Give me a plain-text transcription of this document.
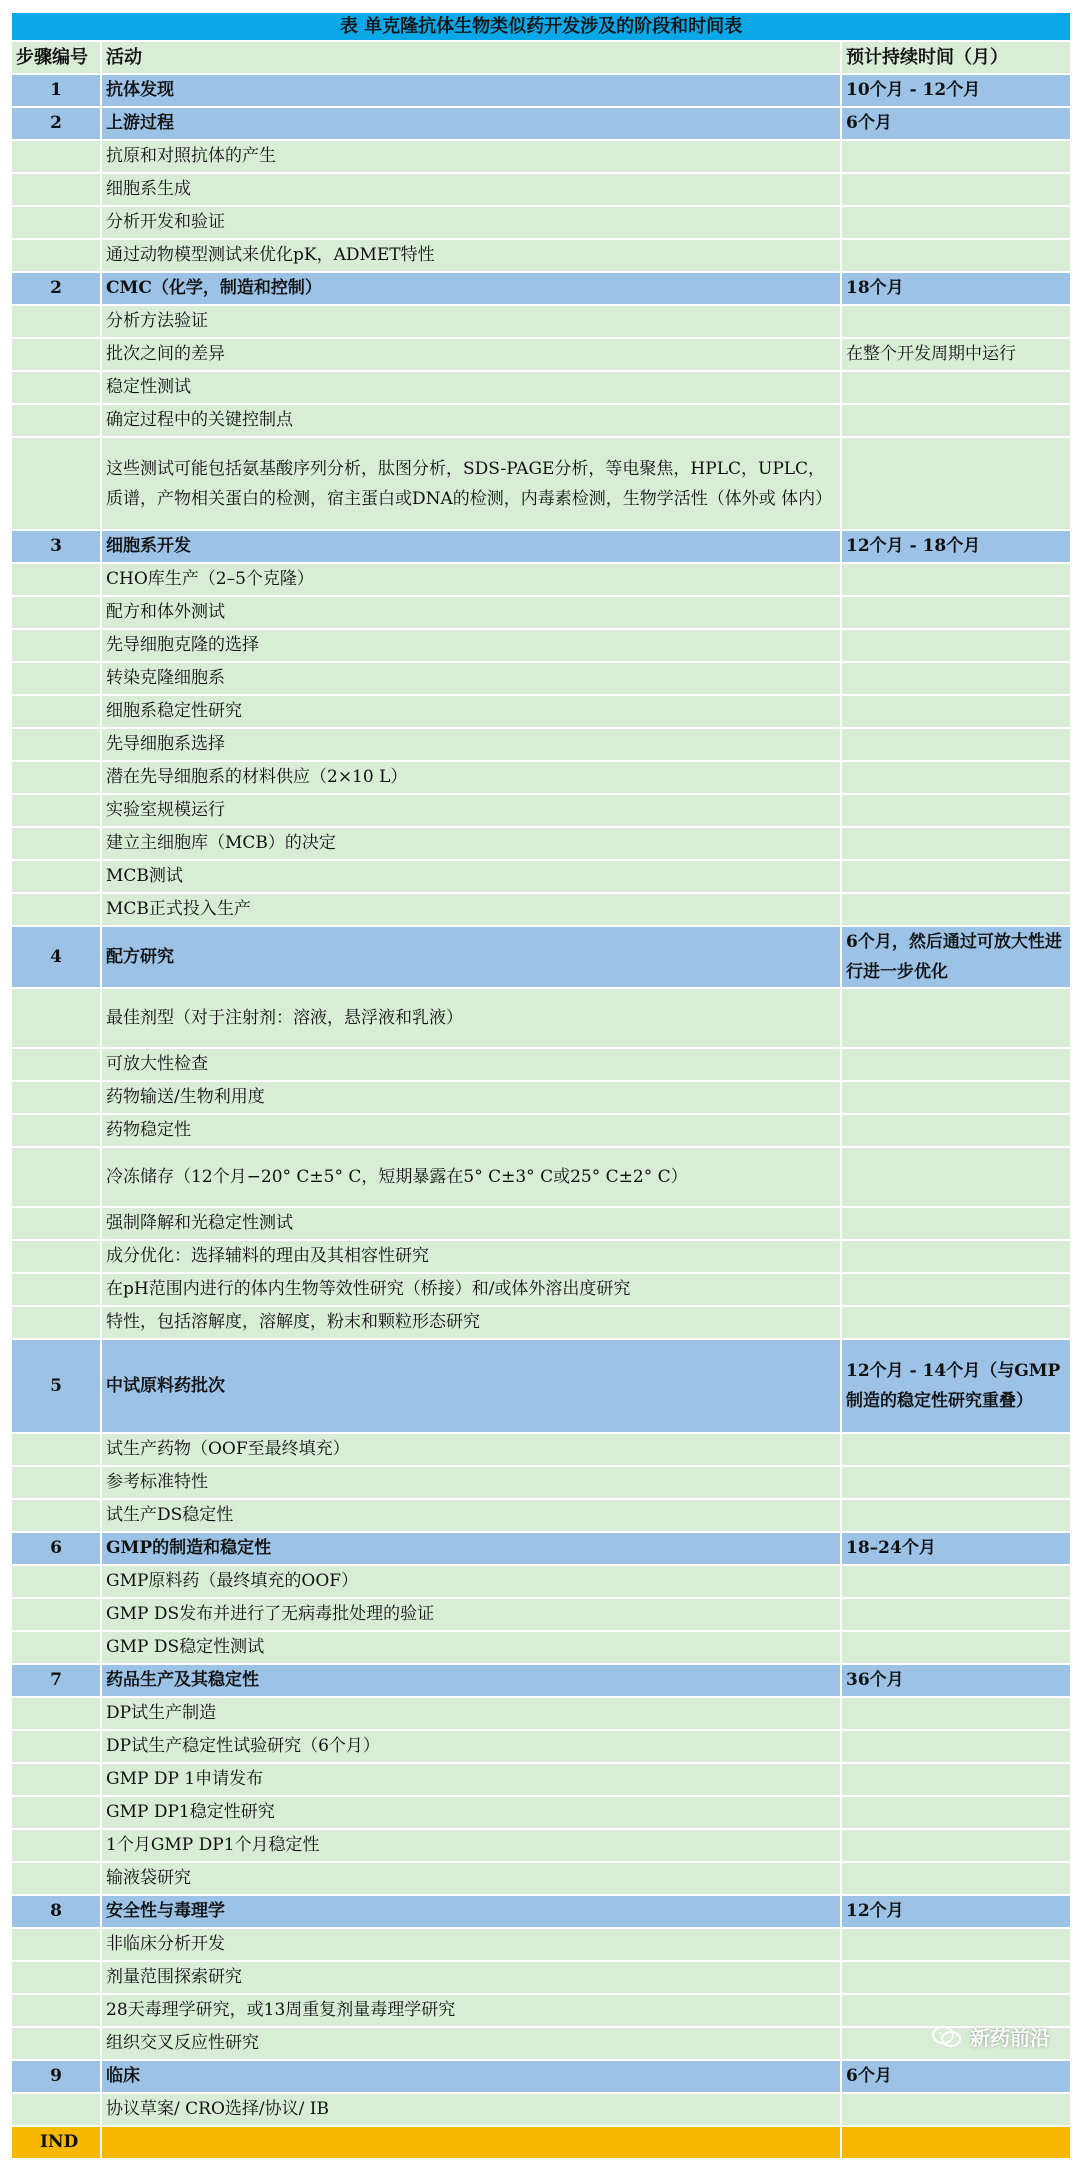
表 单克隆抗体生物类似药开发涉及的阶段和时间表		
步骤编号	活动	预计持续时间（月）
1	抗体发现	10个月 - 12个月
2	上游过程	6个月
	抗原和对照抗体的产生	
	细胞系生成	
	分析开发和验证	
	通过动物模型测试来优化pK，ADMET特性	
2	CMC（化学，制造和控制）	18个月
	分析方法验证	
	批次之间的差异	在整个开发周期中运行
	稳定性测试	
	确定过程中的关键控制点	
	这些测试可能包括氨基酸序列分析，肽图分析，SDS-PAGE分析，等电聚焦，HPLC，UPLC，质谱，产物相关蛋白的检测，宿主蛋白或DNA的检测，内毒素检测，生物学活性（体外或 体内）	
3	细胞系开发	12个月 - 18个月
	CHO库生产（2–5个克隆）	
	配方和体外测试	
	先导细胞克隆的选择	
	转染克隆细胞系	
	细胞系稳定性研究	
	先导细胞系选择	
	潜在先导细胞系的材料供应（2×10 L）	
	实验室规模运行	
	建立主细胞库（MCB）的决定	
	MCB测试	
	MCB正式投入生产	
4	配方研究	6个月，然后通过可放大性进行进一步优化
	最佳剂型（对于注射剂：溶液，悬浮液和乳液）	
	可放大性检查	
	药物输送/生物利用度	
	药物稳定性	
	冷冻储存（12个月−20° C±5° C，短期暴露在5° C±3° C或25° C±2° C）	
	强制降解和光稳定性测试	
	成分优化：选择辅料的理由及其相容性研究	
	在pH范围内进行的体内生物等效性研究（桥接）和/或体外溶出度研究	
	特性，包括溶解度，溶解度，粉末和颗粒形态研究	
5	中试原料药批次	12个月 - 14个月（与GMP制造的稳定性研究重叠）
	试生产药物（OOF至最终填充）	
	参考标准特性	
	试生产DS稳定性	
6	GMP的制造和稳定性	18–24个月
	GMP原料药（最终填充的OOF）	
	GMP DS发布并进行了无病毒批处理的验证	
	GMP DS稳定性测试	
7	药品生产及其稳定性	36个月
	DP试生产制造	
	DP试生产稳定性试验研究（6个月）	
	GMP DP 1申请发布	
	GMP DP1稳定性研究	
	1个月GMP DP1个月稳定性	
	输液袋研究	
8	安全性与毒理学	12个月
	非临床分析开发	
	剂量范围探索研究	
	28天毒理学研究，或13周重复剂量毒理学研究	
	组织交叉反应性研究	
9	临床	6个月
	协议草案/ CRO选择/协议/ IB	
IND		
新药前沿
